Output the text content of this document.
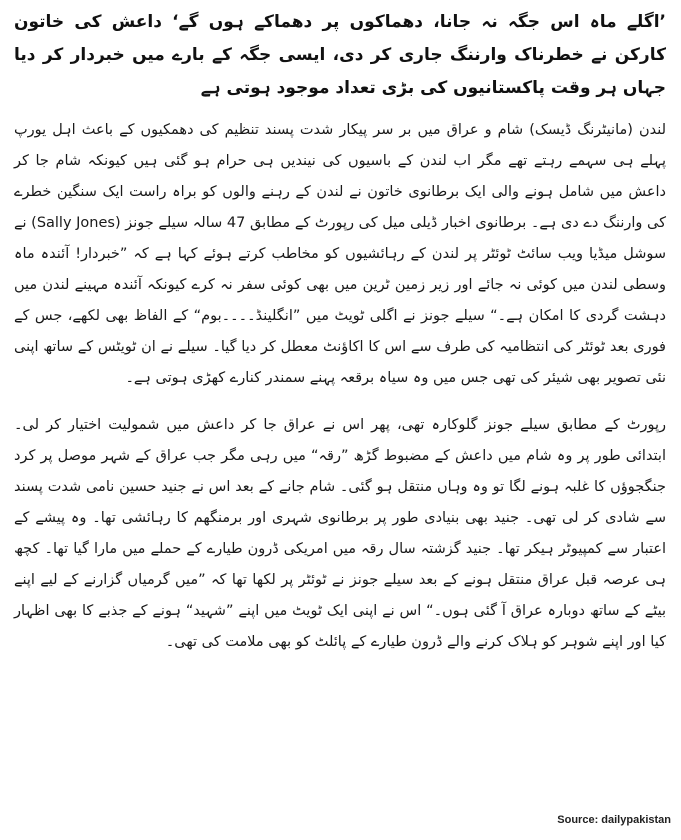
’اگلے ماہ اس جگہ نہ جانا، دھماکوں پر دھماکے ہوں گے‘ داعش کی خاتون کارکن نے خطرناک وارننگ جاری کر دی، ایسی جگہ کے بارے میں خبردار کر دیا جہاں ہر وقت پاکستانیوں کی بڑی تعداد موجود ہوتی ہے

لندن (مانیٹرنگ ڈیسک) شام و عراق میں بر سر پیکار شدت پسند تنظیم کی دھمکیوں کے باعث اہل یورپ پہلے ہی سہمے رہتے تھے مگر اب لندن کے باسیوں کی نیندیں ہی حرام ہو گئی ہیں کیونکہ شام جا کر داعش میں شامل ہونے والی ایک برطانوی خاتون نے لندن کے رہنے والوں کو براہ راست ایک سنگین خطرے کی وارننگ دے دی ہے۔ برطانوی اخبار ڈیلی میل کی رپورٹ کے مطابق 47 سالہ سیلے جونز (Sally Jones) نے سوشل میڈیا ویب سائٹ ٹوئٹر پر لندن کے رہائشیوں کو مخاطب کرتے ہوئے کہا ہے کہ ”خبردار! آئندہ ماہ وسطی لندن میں کوئی نہ جائے اور زیر زمین ٹرین میں بھی کوئی سفر نہ کرے کیونکہ آئندہ مہینے لندن میں دہشت گردی کا امکان ہے۔“ سیلے جونز نے اگلی ٹویٹ میں ”انگلینڈ۔۔۔۔بوم“ کے الفاظ بھی لکھے، جس کے فوری بعد ٹوئٹر کی انتظامیہ کی طرف سے اس کا اکاﺅنٹ معطل کر دیا گیا۔ سیلے نے ان ٹویٹس کے ساتھ اپنی نئی تصویر بھی شیئر کی تھی جس میں وہ سیاہ برقعہ پہنے سمندر کنارے کھڑی ہوتی ہے۔

رپورٹ کے مطابق سیلے جونز گلوکارہ تھی، پھر اس نے عراق جا کر داعش میں شمولیت اختیار کر لی۔ ابتدائی طور پر وہ شام میں داعش کے مضبوط گڑھ ”رقہ“ میں رہی مگر جب عراق کے شہر موصل پر کرد جنگجوﺅں کا غلبہ ہونے لگا تو وہ وہاں منتقل ہو گئی۔ شام جانے کے بعد اس نے جنید حسین نامی شدت پسند سے شادی کر لی تھی۔ جنید بھی بنیادی طور پر برطانوی شہری اور برمنگھم کا رہائشی تھا۔ وہ پیشے کے اعتبار سے کمپیوٹر ہیکر تھا۔ جنید گزشتہ سال رقہ میں امریکی ڈرون طیارے کے حملے میں مارا گیا تھا۔ کچھ ہی عرصہ قبل عراق منتقل ہونے کے بعد سیلے جونز نے ٹوئٹر پر لکھا تھا کہ ”میں گرمیاں گزارنے کے لیے اپنے بیٹے کے ساتھ دوبارہ عراق آ گئی ہوں۔“ اس نے اپنی ایک ٹویٹ میں اپنے ”شہید“ ہونے کے جذبے کا بھی اظہار کیا اور اپنے شوہر کو ہلاک کرنے والے ڈرون طیارے کے پائلٹ کو بھی ملامت کی تھی۔

Source: dailypakistan
